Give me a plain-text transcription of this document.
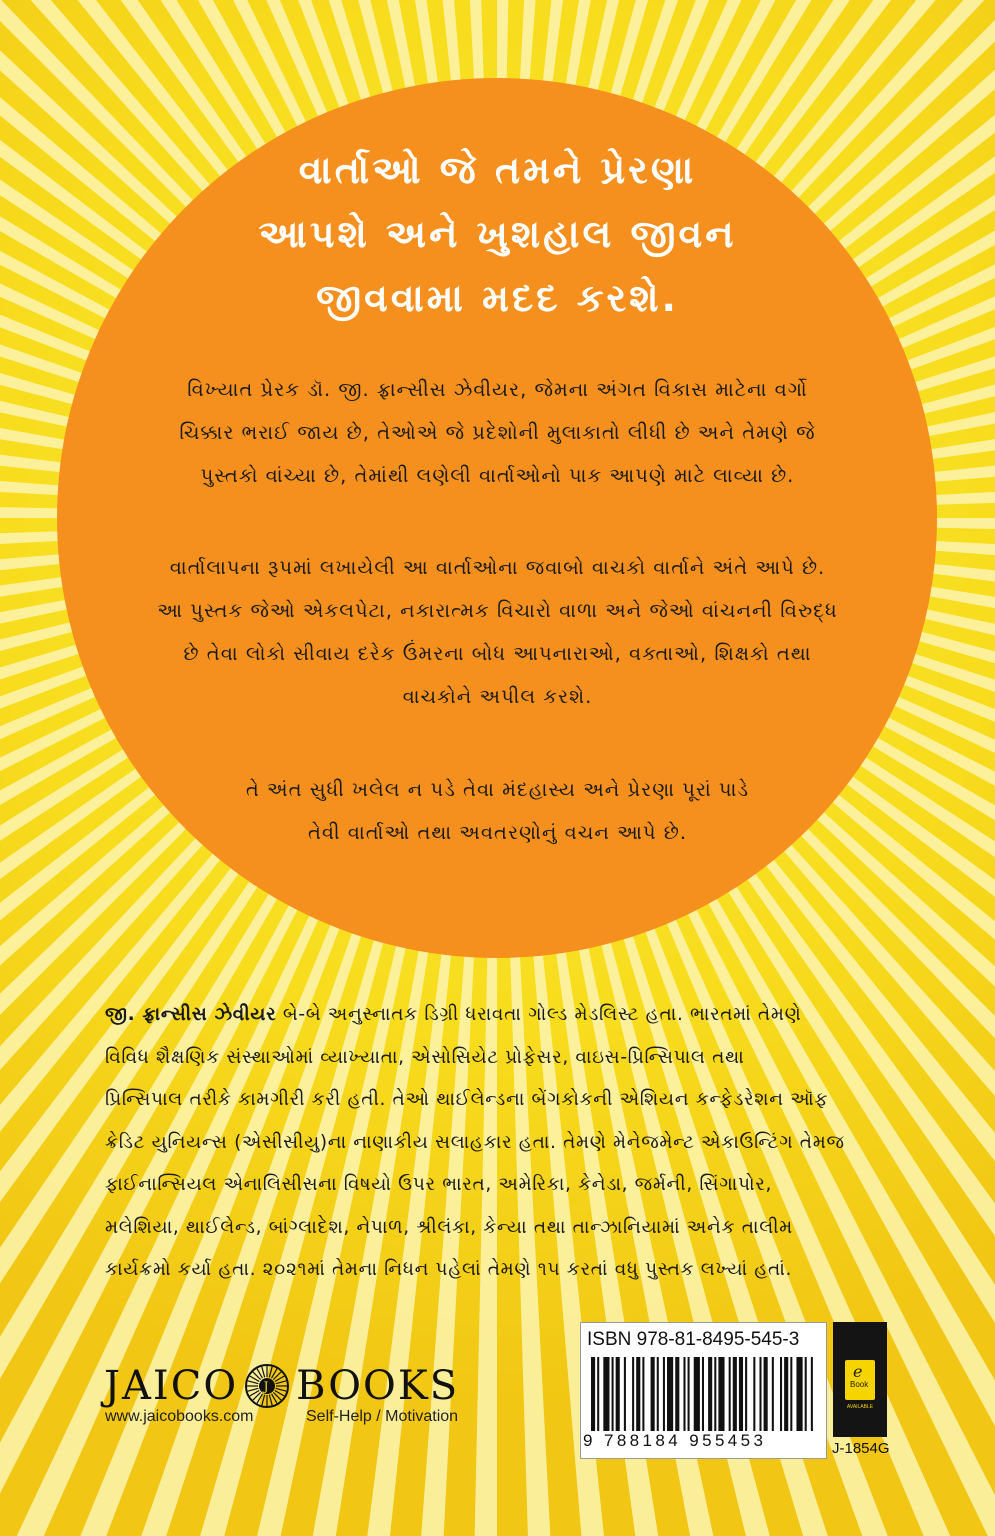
વાર્તાઓ જે તમને પ્રેરણા
આપશે અને ખુશહાલ જીવન
જીવવામા મદદ કરશે.
વિખ્યાત પ્રેરક ડૉ. જી. ફ્રાન્સીસ ઝેવીયર, જેમના અંગત વિકાસ માટેના વર્ગો
ચિક્કાર ભરાઈ જાય છે, તેઓએ જે પ્રદેશોની મુલાકાતો લીધી છે અને તેમણે જે
પુસ્તકો વાંચ્યા છે, તેમાંથી લણેલી વાર્તાઓનો પાક આપણે માટે લાવ્યા છે.
વાર્તાલાપના રૂપમાં લખાયેલી આ વાર્તાઓના જવાબો વાચકો વાર્તાને અંતે આપે છે.
આ પુસ્તક જેઓ એકલપેટા, નકારાત્મક વિચારો વાળા અને જેઓ વાંચનની વિરુદ્ધ
છે તેવા લોકો સીવાય દરેક ઉંમરના બોધ આપનારાઓ, વક્તાઓ, શિક્ષકો તથા
વાચકોને અપીલ કરશે.
તે અંત સુધી ખલેલ ન પડે તેવા મંદહાસ્ય અને પ્રેરણા પૂરાં પાડે
તેવી વાર્તાઓ તથા અવતરણોનું વચન આપે છે.
જી. ફ્રાન્સીસ ઝેવીયર બે-બે અનુસ્નાતક ડિગ્રી ધરાવતા ગોલ્ડ મેડલિસ્ટ હતા. ભારતમાં તેમણે
વિવિધ શૈક્ષણિક સંસ્થાઓમાં વ્યાખ્યાતા, એસોસિયેટ પ્રોફેસર, વાઇસ-પ્રિન્સિપાલ તથા
પ્રિન્સિપાલ તરીકે કામગીરી કરી હતી. તેઓ થાઈલેન્ડના બેંગકોકની એશિયન કન્ફેડરેશન ઑફ
ક્રેડિટ યુનિયન્સ (એસીસીયુ)ના નાણાકીય સલાહકાર હતા. તેમણે મેનેજમેન્ટ એકાઉન્ટિંગ તેમજ
ફાઈનાન્સિયલ એનાલિસીસના વિષયો ઉપર ભારત, અમેરિકા, કેનેડા, જર્મની, સિંગાપોર,
મલેશિયા, થાઈલેન્ડ, બાંગ્લાદેશ, નેપાળ, શ્રીલંકા, કેન્યા તથા તાન્ઝાનિયામાં અનેક તાલીમ
કાર્યક્રમો કર્યા હતા. ૨૦૨૧માં તેમના નિધન પહેલાં તેમણે ૧૫ કરતાં વધુ પુસ્તક લખ્યાં હતાં.
JAICO J BOOKS
www.jaicobooks.com	Self-Help / Motivation
ISBN 978-81-8495-545-3
9 788184 955453
e
Book
AVAILABLE
J-1854G
